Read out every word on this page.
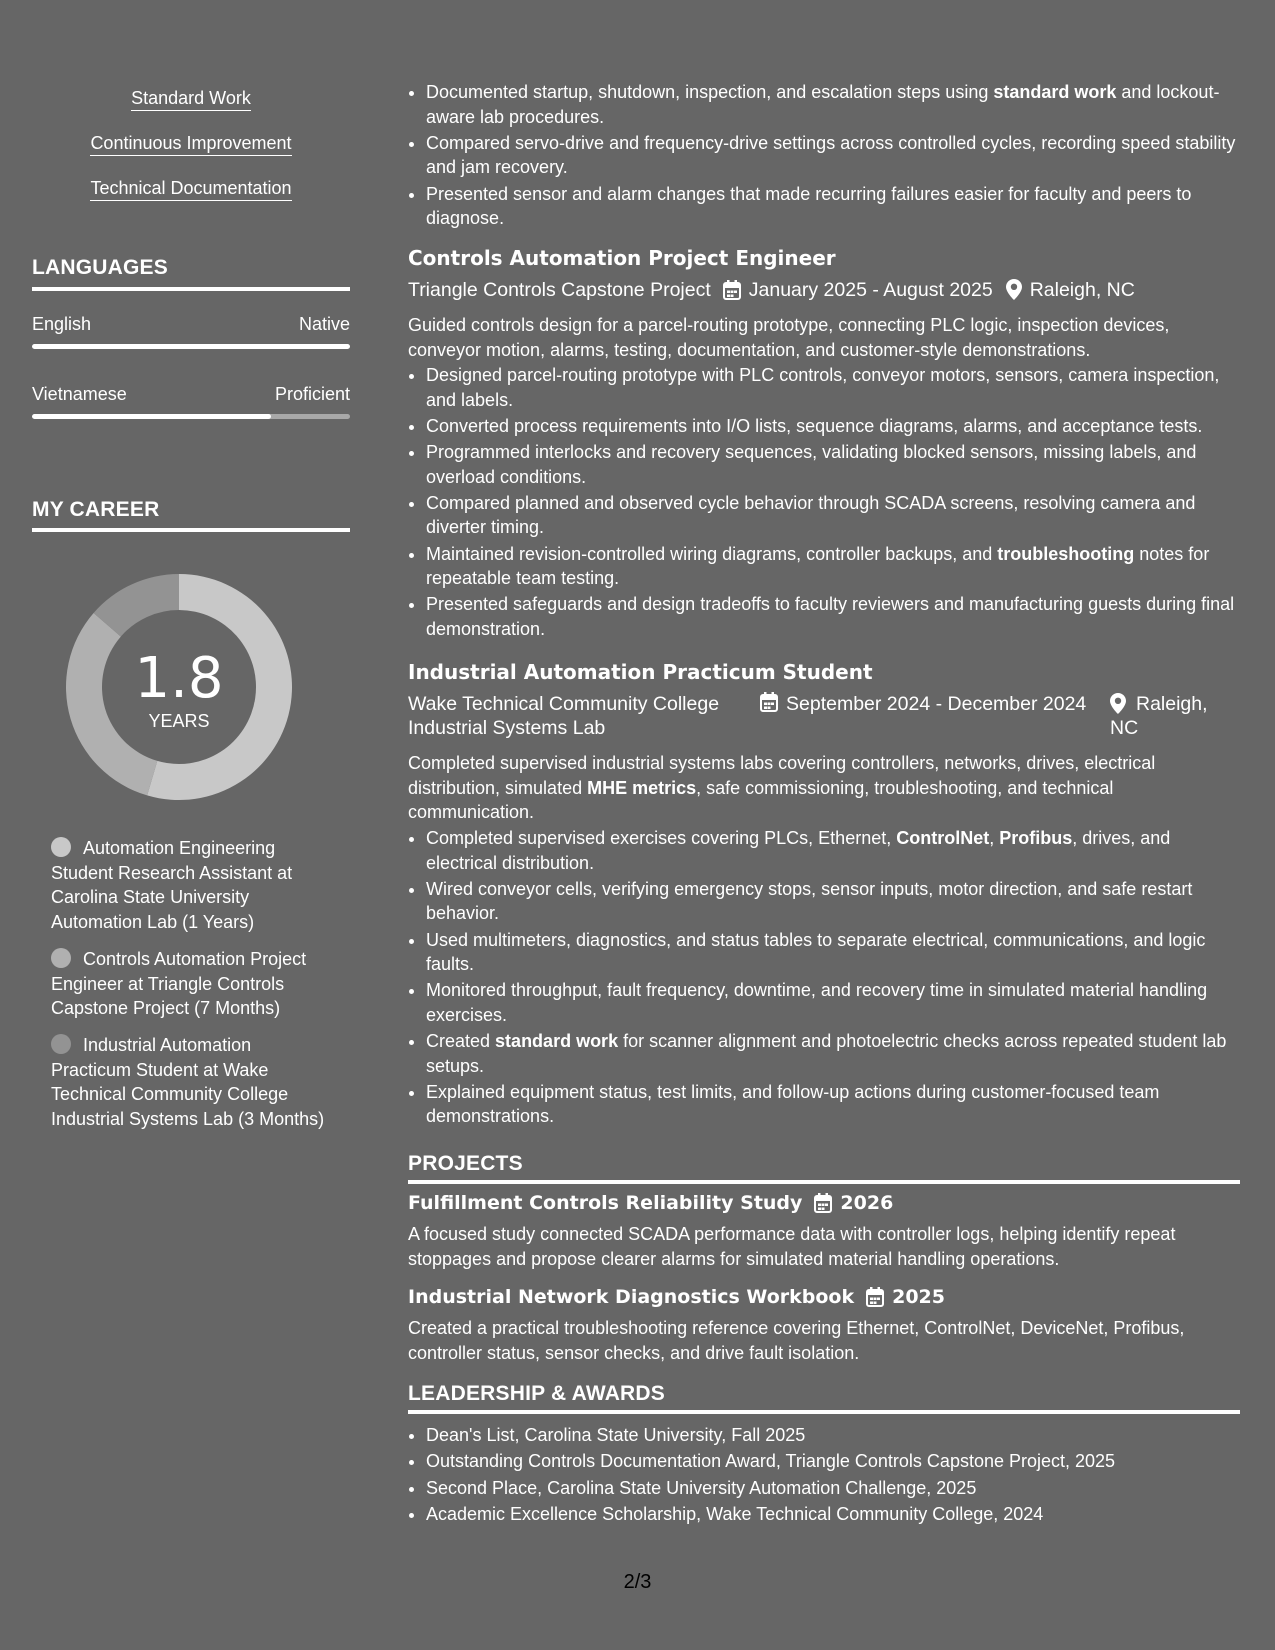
Standard Work
Continuous Improvement
Technical Documentation
LANGUAGES
English	Native
Vietnamese	Proficient
MY CAREER
1.8
YEARS
Automation Engineering Student Research Assistant at Carolina State University Automation Lab (1 Years)
Controls Automation Project Engineer at Triangle Controls Capstone Project (7 Months)
Industrial Automation Practicum Student at Wake Technical Community College Industrial Systems Lab (3 Months)
• Documented startup, shutdown, inspection, and escalation steps using standard work and lockout-aware lab procedures.
• Compared servo-drive and frequency-drive settings across controlled cycles, recording speed stability and jam recovery.
• Presented sensor and alarm changes that made recurring failures easier for faculty and peers to diagnose.
Controls Automation Project Engineer
Triangle Controls Capstone Project January 2025 - August 2025 Raleigh, NC

Guided controls design for a parcel-routing prototype, connecting PLC logic, inspection devices, conveyor motion, alarms, testing, documentation, and customer-style demonstrations.

• Designed parcel-routing prototype with PLC controls, conveyor motors, sensors, camera inspection, and labels.
• Converted process requirements into I/O lists, sequence diagrams, alarms, and acceptance tests.
• Programmed interlocks and recovery sequences, validating blocked sensors, missing labels, and overload conditions.
• Compared planned and observed cycle behavior through SCADA screens, resolving camera and diverter timing.
• Maintained revision-controlled wiring diagrams, controller backups, and troubleshooting notes for repeatable team testing.
• Presented safeguards and design tradeoffs to faculty reviewers and manufacturing guests during final demonstration.
Industrial Automation Practicum Student
Wake Technical Community College Industrial Systems Lab
September 2024 - December 2024	Raleigh, NC

Completed supervised industrial systems labs covering controllers, networks, drives, electrical distribution, simulated MHE metrics, safe commissioning, troubleshooting, and technical communication.

• Completed supervised exercises covering PLCs, Ethernet, ControlNet, Profibus, drives, and electrical distribution.
• Wired conveyor cells, verifying emergency stops, sensor inputs, motor direction, and safe restart behavior.
• Used multimeters, diagnostics, and status tables to separate electrical, communications, and logic faults.
• Monitored throughput, fault frequency, downtime, and recovery time in simulated material handling exercises.
• Created standard work for scanner alignment and photoelectric checks across repeated student lab setups.
• Explained equipment status, test limits, and follow-up actions during customer-focused team demonstrations.
PROJECTS
Fulfillment Controls Reliability Study 2026

A focused study connected SCADA performance data with controller logs, helping identify repeat stoppages and propose clearer alarms for simulated material handling operations.

Industrial Network Diagnostics Workbook 2025

Created a practical troubleshooting reference covering Ethernet, ControlNet, DeviceNet, Profibus, controller status, sensor checks, and drive fault isolation.

LEADERSHIP & AWARDS
• Dean's List, Carolina State University, Fall 2025
• Outstanding Controls Documentation Award, Triangle Controls Capstone Project, 2025
• Second Place, Carolina State University Automation Challenge, 2025
• Academic Excellence Scholarship, Wake Technical Community College, 2024
2/3
